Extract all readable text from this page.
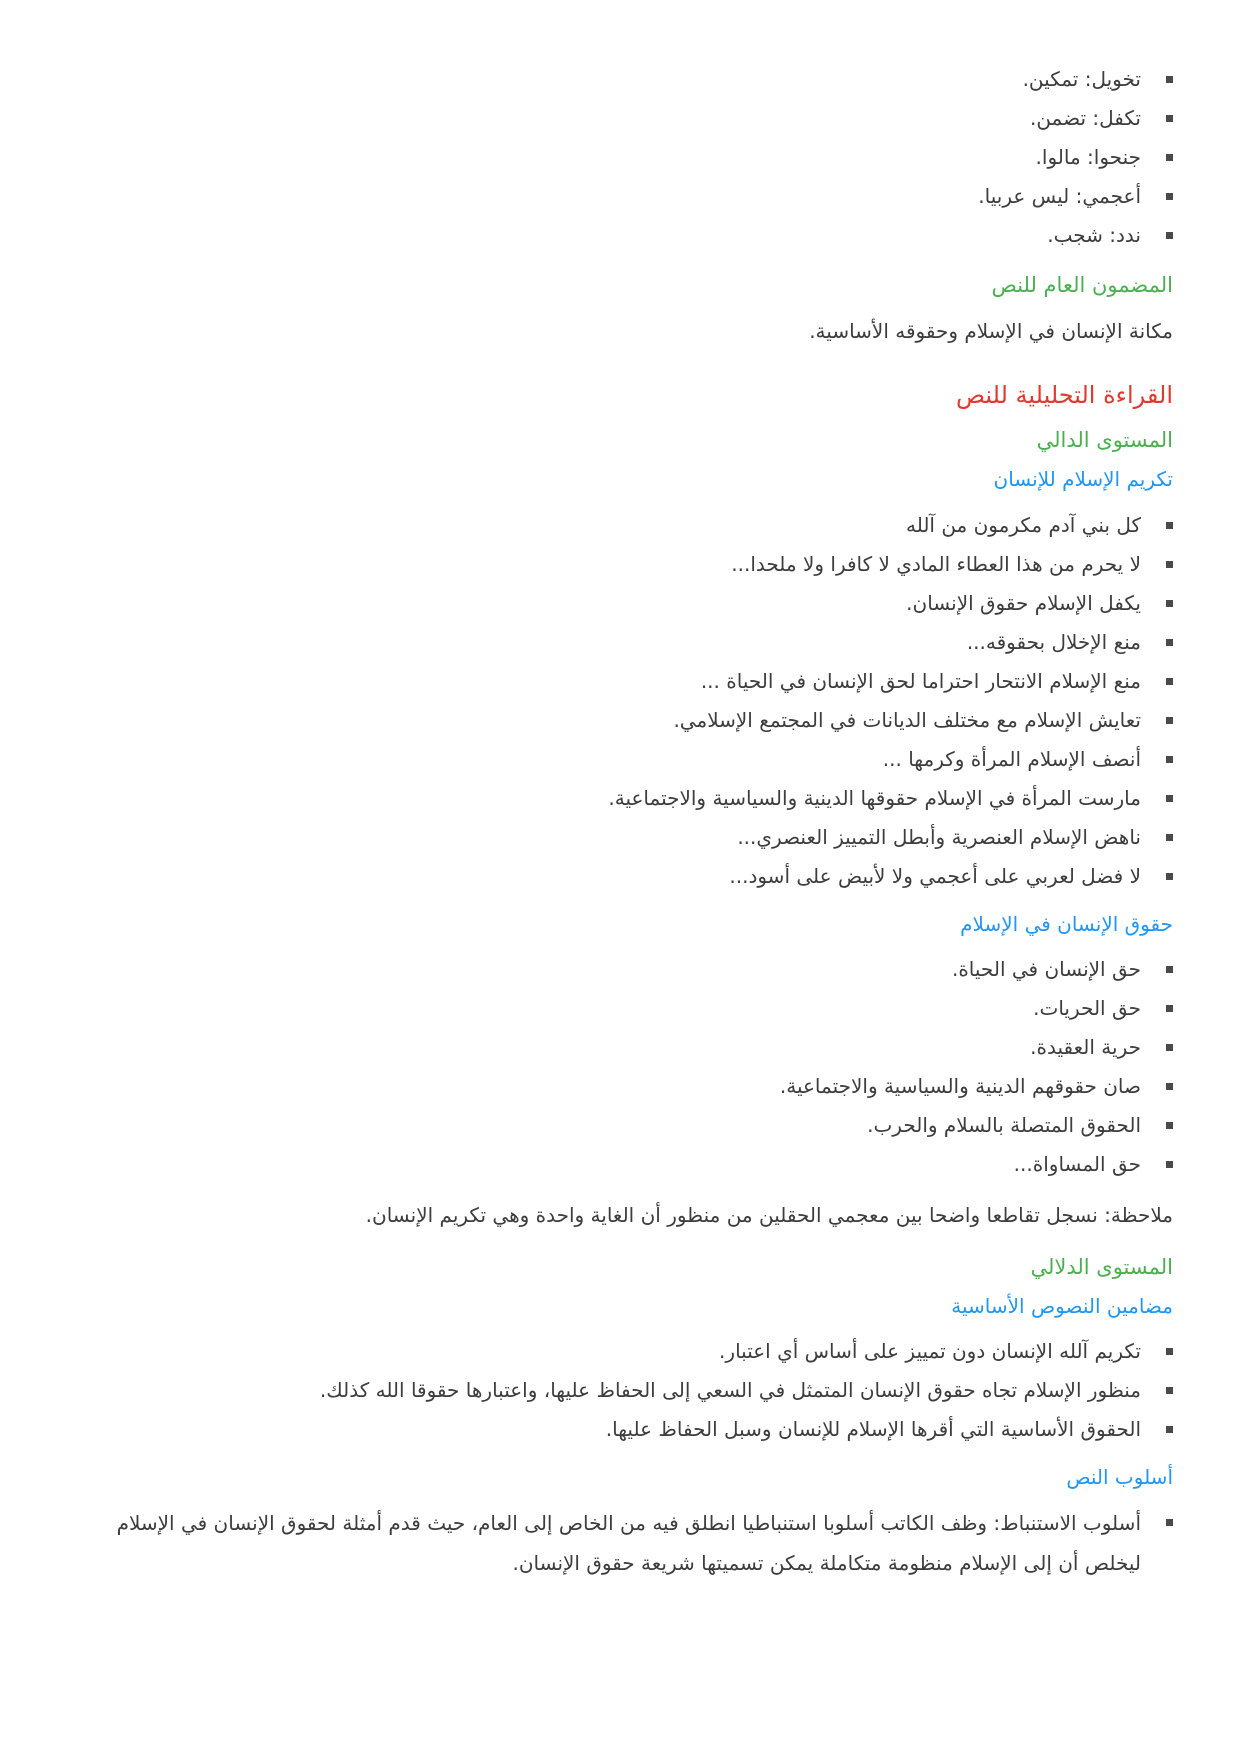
تخويل: تمكين.
تكفل: تضمن.
جنحوا: مالوا.
أعجمي: ليس عربيا.
ندد: شجب.
المضمون العام للنص

مكانة الإنسان في الإسلام وحقوقه الأساسية.

القراءة التحليلية للنص
المستوى الدالي
تكريم الإسلام للإنسان
كل بني آدم مكرمون من آلله
لا يحرم من هذا العطاء المادي لا كافرا ولا ملحدا...
يكفل الإسلام حقوق الإنسان.
منع الإخلال بحقوقه...
منع الإسلام الانتحار احتراما لحق الإنسان في الحياة ...
تعايش الإسلام مع مختلف الديانات في المجتمع الإسلامي.
أنصف الإسلام المرأة وكرمها ...
مارست المرأة في الإسلام حقوقها الدينية والسياسية والاجتماعية.
ناهض الإسلام العنصرية وأبطل التمييز العنصري...
لا فضل لعربي على أعجمي ولا لأبيض على أسود...
حقوق الإنسان في الإسلام
حق الإنسان في الحياة.
حق الحريات.
حرية العقيدة.
صان حقوقهم الدينية والسياسية والاجتماعية.
الحقوق المتصلة بالسلام والحرب.
حق المساواة...

ملاحظة: نسجل تقاطعا واضحا بين معجمي الحقلين من منظور أن الغاية واحدة وهي تكريم الإنسان.

المستوى الدلالي
مضامين النصوص الأساسية
تكريم آلله الإنسان دون تمييز على أساس أي اعتبار.
منظور الإسلام تجاه حقوق الإنسان المتمثل في السعي إلى الحفاظ عليها، واعتبارها حقوقا الله كذلك.
الحقوق الأساسية التي أقرها الإسلام للإنسان وسبل الحفاظ عليها.
أسلوب النص
أسلوب الاستنباط: وظف الكاتب أسلوبا استنباطيا انطلق فيه من الخاص إلى العام، حيث قدم أمثلة لحقوق الإنسان في الإسلام ليخلص أن إلى الإسلام منظومة متكاملة يمكن تسميتها شريعة حقوق الإنسان.
